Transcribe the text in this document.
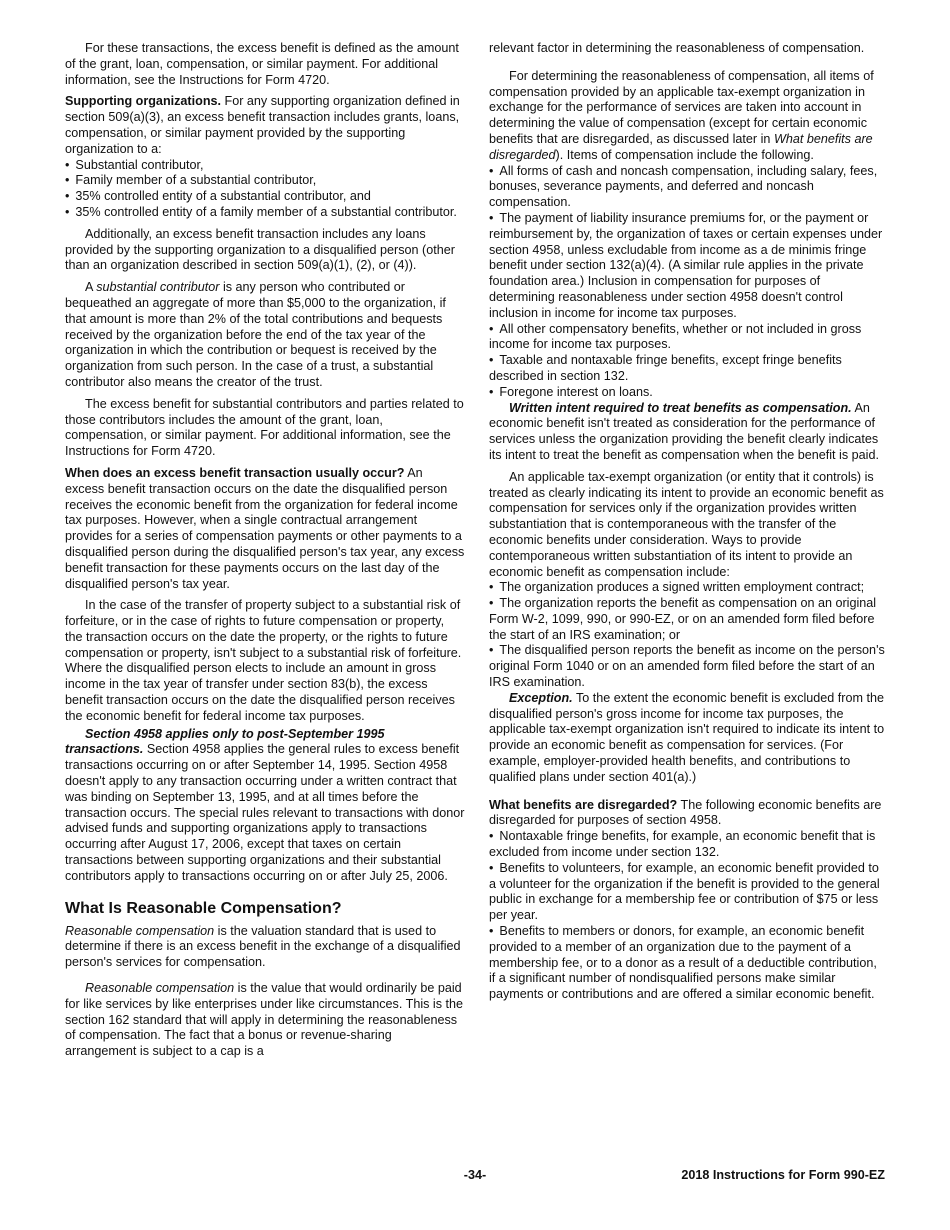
For these transactions, the excess benefit is defined as the amount of the grant, loan, compensation, or similar payment. For additional information, see the Instructions for Form 4720.

Supporting organizations. For any supporting organization defined in section 509(a)(3), an excess benefit transaction includes grants, loans, compensation, or similar payment provided by the supporting organization to a:

• Substantial contributor,

• Family member of a substantial contributor,

• 35% controlled entity of a substantial contributor, and

• 35% controlled entity of a family member of a substantial contributor.

Additionally, an excess benefit transaction includes any loans provided by the supporting organization to a disqualified person (other than an organization described in section 509(a)(1), (2), or (4)).

A substantial contributor is any person who contributed or bequeathed an aggregate of more than $5,000 to the organization, if that amount is more than 2% of the total contributions and bequests received by the organization before the end of the tax year of the organization in which the contribution or bequest is received by the organization from such person. In the case of a trust, a substantial contributor also means the creator of the trust.

The excess benefit for substantial contributors and parties related to those contributors includes the amount of the grant, loan, compensation, or similar payment. For additional information, see the Instructions for Form 4720.

When does an excess benefit transaction usually occur? An excess benefit transaction occurs on the date the disqualified person receives the economic benefit from the organization for federal income tax purposes. However, when a single contractual arrangement provides for a series of compensation payments or other payments to a disqualified person during the disqualified person's tax year, any excess benefit transaction for these payments occurs on the last day of the disqualified person's tax year.

In the case of the transfer of property subject to a substantial risk of forfeiture, or in the case of rights to future compensation or property, the transaction occurs on the date the property, or the rights to future compensation or property, isn't subject to a substantial risk of forfeiture. Where the disqualified person elects to include an amount in gross income in the tax year of transfer under section 83(b), the excess benefit transaction occurs on the date the disqualified person receives the economic benefit for federal income tax purposes.

Section 4958 applies only to post-September 1995 transactions. Section 4958 applies the general rules to excess benefit transactions occurring on or after September 14, 1995. Section 4958 doesn't apply to any transaction occurring under a written contract that was binding on September 13, 1995, and at all times before the transaction occurs. The special rules relevant to transactions with donor advised funds and supporting organizations apply to transactions occurring after August 17, 2006, except that taxes on certain transactions between supporting organizations and their substantial contributors apply to transactions occurring on or after July 25, 2006.

What Is Reasonable Compensation?

Reasonable compensation is the valuation standard that is used to determine if there is an excess benefit in the exchange of a disqualified person's services for compensation.

Reasonable compensation is the value that would ordinarily be paid for like services by like enterprises under like circumstances. This is the section 162 standard that will apply in determining the reasonableness of compensation. The fact that a bonus or revenue-sharing arrangement is subject to a cap is a

relevant factor in determining the reasonableness of compensation.

For determining the reasonableness of compensation, all items of compensation provided by an applicable tax-exempt organization in exchange for the performance of services are taken into account in determining the value of compensation (except for certain economic benefits that are disregarded, as discussed later in What benefits are disregarded). Items of compensation include the following.

• All forms of cash and noncash compensation, including salary, fees, bonuses, severance payments, and deferred and noncash compensation.

• The payment of liability insurance premiums for, or the payment or reimbursement by, the organization of taxes or certain expenses under section 4958, unless excludable from income as a de minimis fringe benefit under section 132(a)(4). (A similar rule applies in the private foundation area.) Inclusion in compensation for purposes of determining reasonableness under section 4958 doesn't control inclusion in income for income tax purposes.

• All other compensatory benefits, whether or not included in gross income for income tax purposes.

• Taxable and nontaxable fringe benefits, except fringe benefits described in section 132.

• Foregone interest on loans.

Written intent required to treat benefits as compensation. An economic benefit isn't treated as consideration for the performance of services unless the organization providing the benefit clearly indicates its intent to treat the benefit as compensation when the benefit is paid.

An applicable tax-exempt organization (or entity that it controls) is treated as clearly indicating its intent to provide an economic benefit as compensation for services only if the organization provides written substantiation that is contemporaneous with the transfer of the economic benefits under consideration. Ways to provide contemporaneous written substantiation of its intent to provide an economic benefit as compensation include:

• The organization produces a signed written employment contract;

• The organization reports the benefit as compensation on an original Form W-2, 1099, 990, or 990-EZ, or on an amended form filed before the start of an IRS examination; or

• The disqualified person reports the benefit as income on the person's original Form 1040 or on an amended form filed before the start of an IRS examination.

Exception. To the extent the economic benefit is excluded from the disqualified person's gross income for income tax purposes, the applicable tax-exempt organization isn't required to indicate its intent to provide an economic benefit as compensation for services. (For example, employer-provided health benefits, and contributions to qualified plans under section 401(a).)

What benefits are disregarded? The following economic benefits are disregarded for purposes of section 4958.

• Nontaxable fringe benefits, for example, an economic benefit that is excluded from income under section 132.

• Benefits to volunteers, for example, an economic benefit provided to a volunteer for the organization if the benefit is provided to the general public in exchange for a membership fee or contribution of $75 or less per year.

• Benefits to members or donors, for example, an economic benefit provided to a member of an organization due to the payment of a membership fee, or to a donor as a result of a deductible contribution, if a significant number of nondisqualified persons make similar payments or contributions and are offered a similar economic benefit.

-34-	2018 Instructions for Form 990-EZ
